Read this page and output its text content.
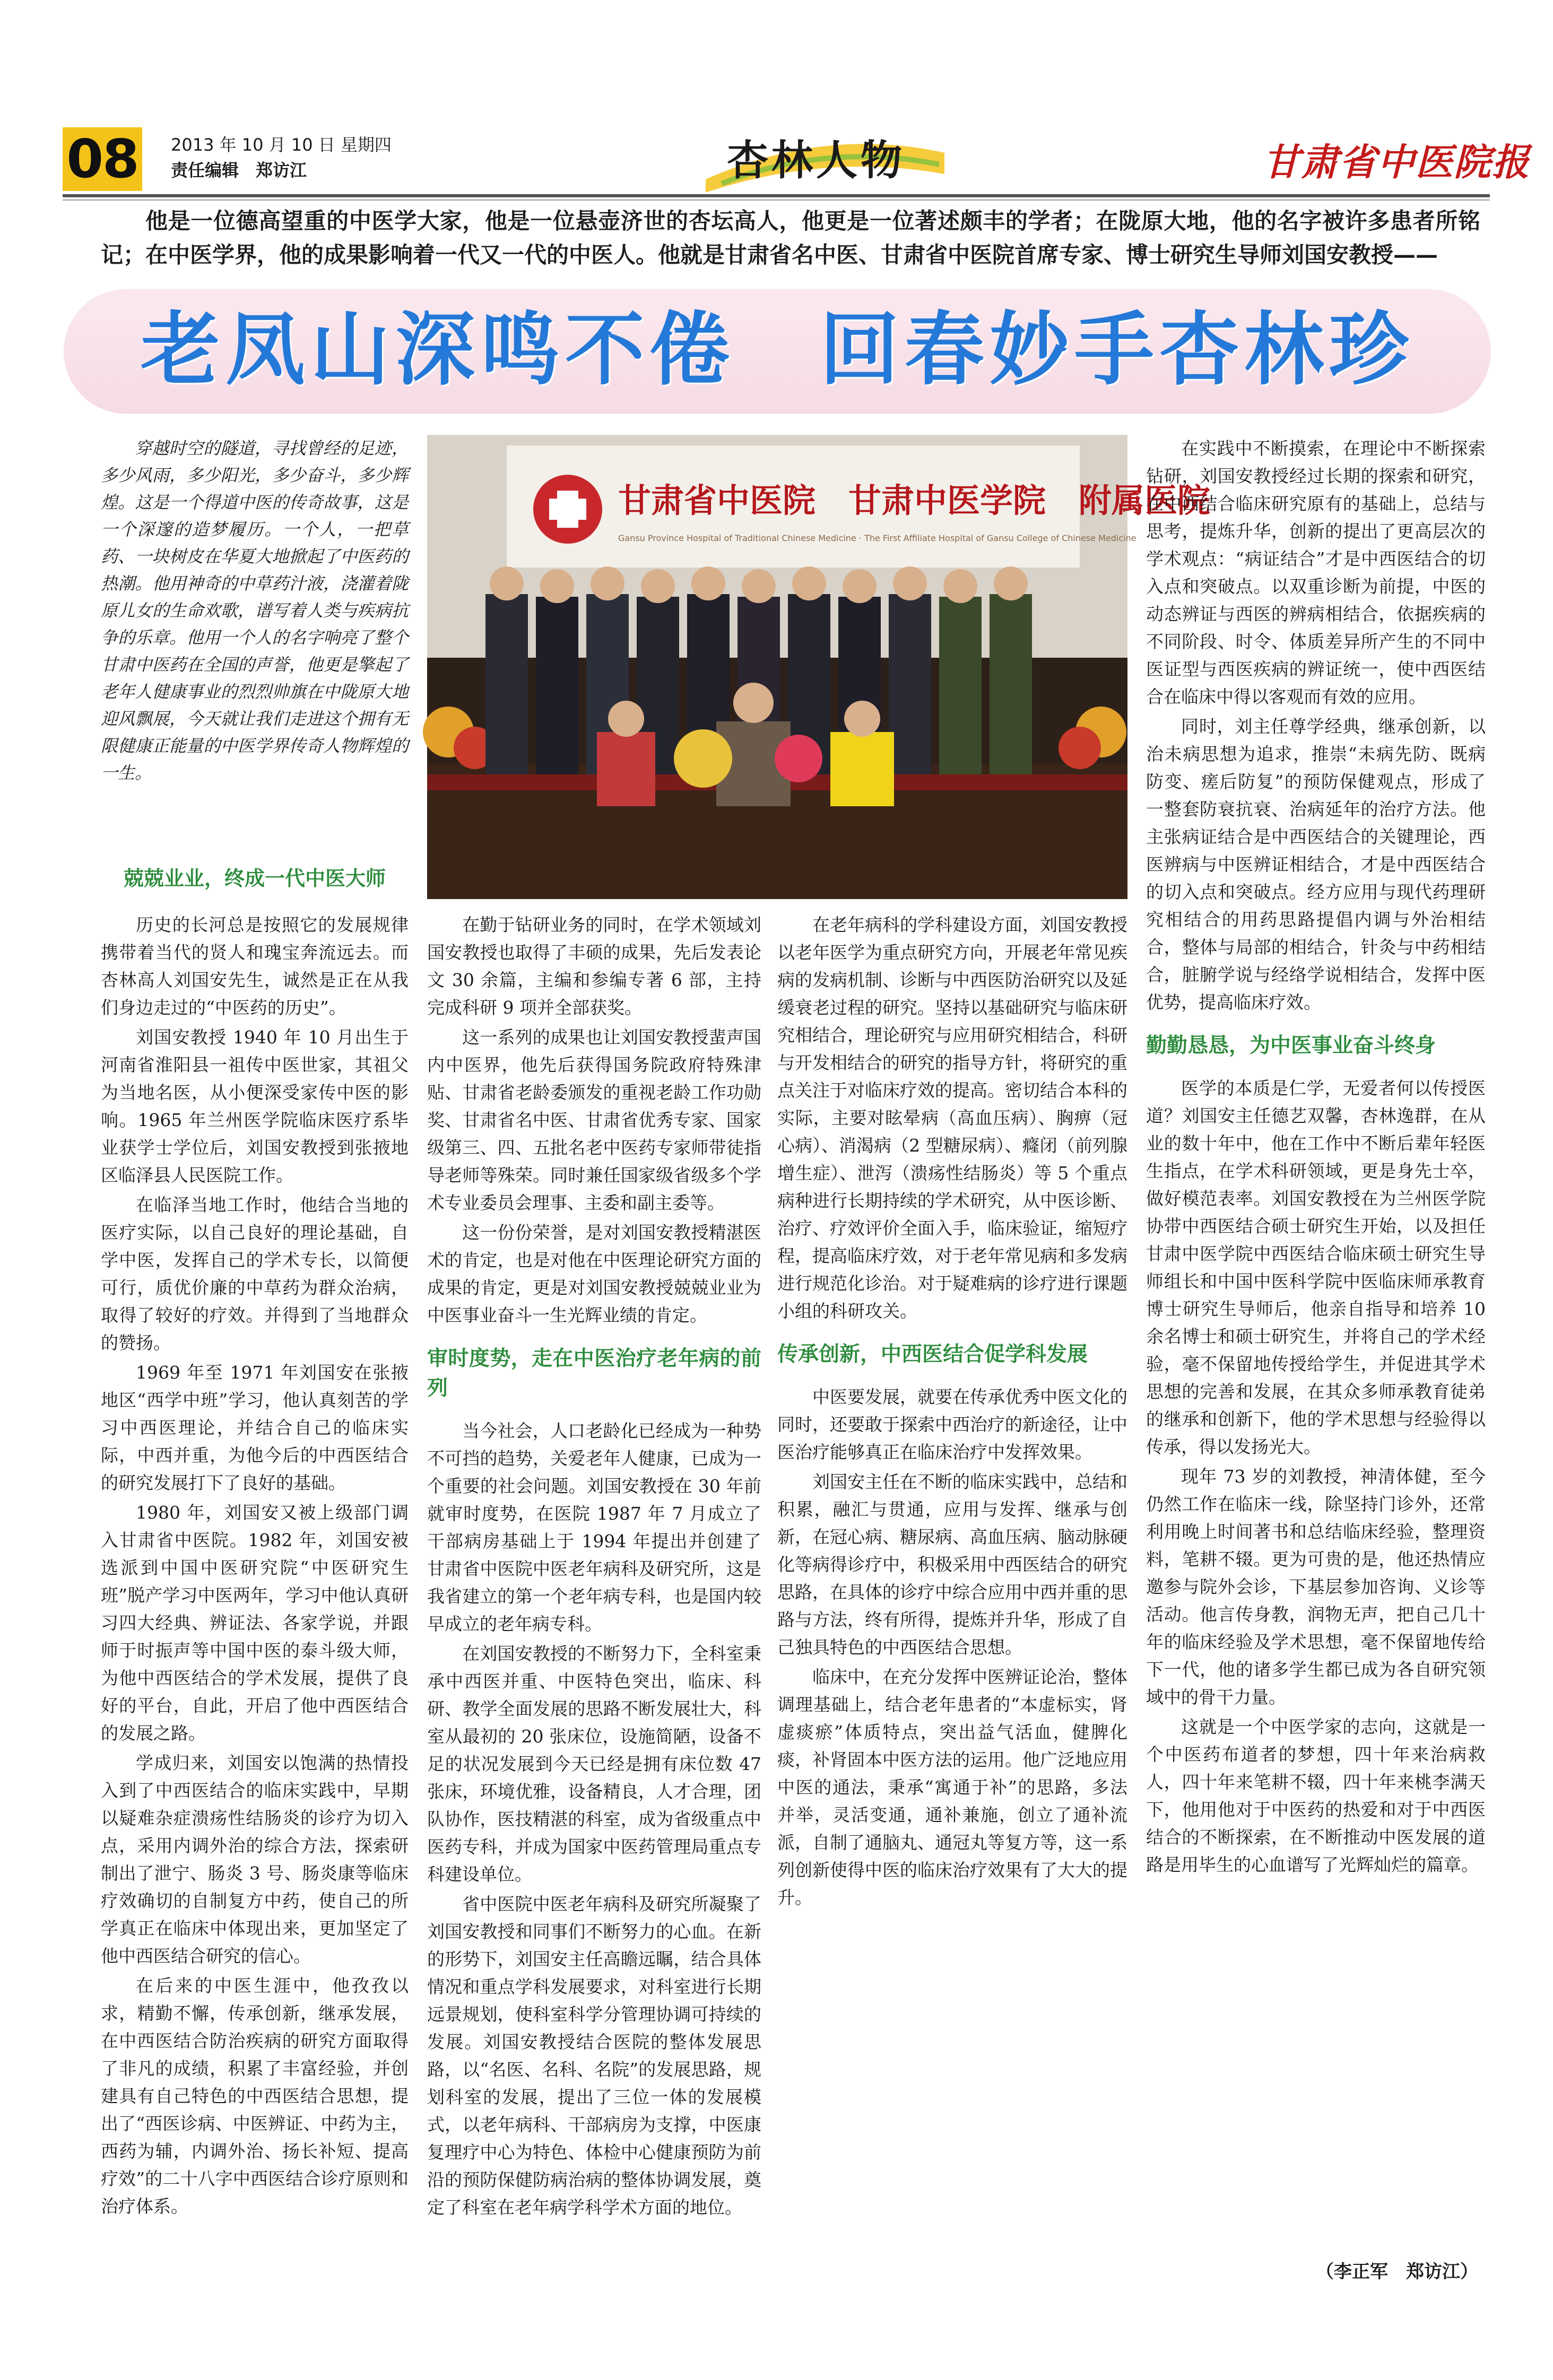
08 2013 年 10 月 10 日 星期四
责任编辑　郑访江	杏林人物	甘肃省中医院报
他是一位德高望重的中医学大家，他是一位悬壶济世的杏坛高人，他更是一位著述颇丰的学者；在陇原大地，他的名字被许多患者所铭记；在中医学界，他的成果影响着一代又一代的中医人。他就是甘肃省名中医、甘肃省中医院首席专家、博士研究生导师刘国安教授——
老凤山深鸣不倦　回春妙手杏林珍
穿越时空的隧道，寻找曾经的足迹，多少风雨，多少阳光，多少奋斗，多少辉煌。这是一个得道中医的传奇故事，这是一个深邃的造梦履历。一个人，一把草药、一块树皮在华夏大地掀起了中医药的热潮。他用神奇的中草药汁液，浇灌着陇原儿女的生命欢歌，谱写着人类与疾病抗争的乐章。他用一个人的名字响亮了整个甘肃中医药在全国的声誉，他更是擎起了老年人健康事业的烈烈帅旗在中陇原大地迎风飘展，今天就让我们走进这个拥有无限健康正能量的中医学界传奇人物辉煌的一生。
兢兢业业，终成一代中医大师
甘肃省中医院　甘肃中医学院　附属医院
Gansu Province Hospital of Traditional Chinese Medicine · The First Affiliate Hospital of Gansu College of Chinese Medicine

历史的长河总是按照它的发展规律携带着当代的贤人和瑰宝奔流远去。而杏林高人刘国安先生，诚然是正在从我们身边走过的“中医药的历史”。

刘国安教授 1940 年 10 月出生于河南省淮阳县一祖传中医世家，其祖父为当地名医，从小便深受家传中医的影响。1965 年兰州医学院临床医疗系毕业获学士学位后，刘国安教授到张掖地区临泽县人民医院工作。

在临泽当地工作时，他结合当地的医疗实际，以自己良好的理论基础，自学中医，发挥自己的学术专长，以简便可行，质优价廉的中草药为群众治病，取得了较好的疗效。并得到了当地群众的赞扬。

1969 年至 1971 年刘国安在张掖地区“西学中班”学习，他认真刻苦的学习中西医理论，并结合自己的临床实际，中西并重，为他今后的中西医结合的研究发展打下了良好的基础。

1980 年，刘国安又被上级部门调入甘肃省中医院。1982 年，刘国安被选派到中国中医研究院“中医研究生班”脱产学习中医两年，学习中他认真研习四大经典、辨证法、各家学说，并跟师于时振声等中国中医的泰斗级大师，为他中西医结合的学术发展，提供了良好的平台，自此，开启了他中西医结合的发展之路。

学成归来，刘国安以饱满的热情投入到了中西医结合的临床实践中，早期以疑难杂症溃疡性结肠炎的诊疗为切入点，采用内调外治的综合方法，探索研制出了泄宁、肠炎 3 号、肠炎康等临床疗效确切的自制复方中药，使自己的所学真正在临床中体现出来，更加坚定了他中西医结合研究的信心。

在后来的中医生涯中，他孜孜以求，精勤不懈，传承创新，继承发展，在中西医结合防治疾病的研究方面取得了非凡的成绩，积累了丰富经验，并创建具有自己特色的中西医结合思想，提出了“西医诊病、中医辨证、中药为主，西药为辅，内调外治、扬长补短、提高疗效”的二十八字中西医结合诊疗原则和治疗体系。

在勤于钻研业务的同时，在学术领域刘国安教授也取得了丰硕的成果，先后发表论文 30 余篇，主编和参编专著 6 部，主持完成科研 9 项并全部获奖。

这一系列的成果也让刘国安教授蜚声国内中医界，他先后获得国务院政府特殊津贴、甘肃省老龄委颁发的重视老龄工作功勋奖、甘肃省名中医、甘肃省优秀专家、国家级第三、四、五批名老中医药专家师带徒指导老师等殊荣。同时兼任国家级省级多个学术专业委员会理事、主委和副主委等。

这一份份荣誉，是对刘国安教授精湛医术的肯定，也是对他在中医理论研究方面的成果的肯定，更是对刘国安教授兢兢业业为中医事业奋斗一生光辉业绩的肯定。

审时度势，走在中医治疗老年病的前列

当今社会，人口老龄化已经成为一种势不可挡的趋势，关爱老年人健康，已成为一个重要的社会问题。刘国安教授在 30 年前就审时度势，在医院 1987 年 7 月成立了干部病房基础上于 1994 年提出并创建了甘肃省中医院中医老年病科及研究所，这是我省建立的第一个老年病专科，也是国内较早成立的老年病专科。

在刘国安教授的不断努力下，全科室秉承中西医并重、中医特色突出，临床、科研、教学全面发展的思路不断发展壮大，科室从最初的 20 张床位，设施简陋，设备不足的状况发展到今天已经是拥有床位数 47 张床，环境优雅，设备精良，人才合理，团队协作，医技精湛的科室，成为省级重点中医药专科，并成为国家中医药管理局重点专科建设单位。

省中医院中医老年病科及研究所凝聚了刘国安教授和同事们不断努力的心血。在新的形势下，刘国安主任高瞻远瞩，结合具体情况和重点学科发展要求，对科室进行长期远景规划，使科室科学分管理协调可持续的发展。刘国安教授结合医院的整体发展思路，以“名医、名科、名院”的发展思路，规划科室的发展，提出了三位一体的发展模式，以老年病科、干部病房为支撑，中医康复理疗中心为特色、体检中心健康预防为前沿的预防保健防病治病的整体协调发展，奠定了科室在老年病学科学术方面的地位。

在老年病科的学科建设方面，刘国安教授以老年医学为重点研究方向，开展老年常见疾病的发病机制、诊断与中西医防治研究以及延缓衰老过程的研究。坚持以基础研究与临床研究相结合，理论研究与应用研究相结合，科研与开发相结合的研究的指导方针，将研究的重点关注于对临床疗效的提高。密切结合本科的实际，主要对眩晕病（高血压病）、胸痹（冠心病）、消渴病（2 型糖尿病）、癃闭（前列腺增生症）、泄泻（溃疡性结肠炎）等 5 个重点病种进行长期持续的学术研究，从中医诊断、治疗、疗效评价全面入手，临床验证，缩短疗程，提高临床疗效，对于老年常见病和多发病进行规范化诊治。对于疑难病的诊疗进行课题小组的科研攻关。

传承创新，中西医结合促学科发展

中医要发展，就要在传承优秀中医文化的同时，还要敢于探索中西治疗的新途径，让中医治疗能够真正在临床治疗中发挥效果。

刘国安主任在不断的临床实践中，总结和积累，融汇与贯通，应用与发挥、继承与创新，在冠心病、糖尿病、高血压病、脑动脉硬化等病得诊疗中，积极采用中西医结合的研究思路，在具体的诊疗中综合应用中西并重的思路与方法，终有所得，提炼并升华，形成了自己独具特色的中西医结合思想。

临床中，在充分发挥中医辨证论治，整体调理基础上，结合老年患者的“本虚标实，肾虚痰瘀”体质特点，突出益气活血，健脾化痰，补肾固本中医方法的运用。他广泛地应用中医的通法，秉承“寓通于补”的思路，多法并举，灵活变通，通补兼施，创立了通补流派，自制了通脑丸、通冠丸等复方等，这一系列创新使得中医的临床治疗效果有了大大的提升。

在实践中不断摸索，在理论中不断探索钻研，刘国安教授经过长期的探索和研究，在中西结合临床研究原有的基础上，总结与思考，提炼升华，创新的提出了更高层次的学术观点：“病证结合”才是中西医结合的切入点和突破点。以双重诊断为前提，中医的动态辨证与西医的辨病相结合，依据疾病的不同阶段、时令、体质差异所产生的不同中医证型与西医疾病的辨证统一，使中西医结合在临床中得以客观而有效的应用。

同时，刘主任尊学经典，继承创新，以治未病思想为追求，推崇“未病先防、既病防变、瘥后防复”的预防保健观点，形成了一整套防衰抗衰、治病延年的治疗方法。他主张病证结合是中西医结合的关键理论，西医辨病与中医辨证相结合，才是中西医结合的切入点和突破点。经方应用与现代药理研究相结合的用药思路提倡内调与外治相结合，整体与局部的相结合，针灸与中药相结合，脏腑学说与经络学说相结合，发挥中医优势，提高临床疗效。

勤勤恳恳，为中医事业奋斗终身

医学的本质是仁学，无爱者何以传授医道？刘国安主任德艺双馨，杏林逸群，在从业的数十年中，他在工作中不断后辈年轻医生指点，在学术科研领域，更是身先士卒，做好模范表率。刘国安教授在为兰州医学院协带中西医结合硕士研究生开始，以及担任甘肃中医学院中西医结合临床硕士研究生导师组长和中国中医科学院中医临床师承教育博士研究生导师后，他亲自指导和培养 10 余名博士和硕士研究生，并将自己的学术经验，毫不保留地传授给学生，并促进其学术思想的完善和发展，在其众多师承教育徒弟的继承和创新下，他的学术思想与经验得以传承，得以发扬光大。

现年 73 岁的刘教授，神清体健，至今仍然工作在临床一线，除坚持门诊外，还常利用晚上时间著书和总结临床经验，整理资料，笔耕不辍。更为可贵的是，他还热情应邀参与院外会诊，下基层参加咨询、义诊等活动。他言传身教，润物无声，把自己几十年的临床经验及学术思想，毫不保留地传给下一代，他的诸多学生都已成为各自研究领域中的骨干力量。

这就是一个中医学家的志向，这就是一个中医药布道者的梦想，四十年来治病救人，四十年来笔耕不辍，四十年来桃李满天下，他用他对于中医药的热爱和对于中西医结合的不断探索，在不断推动中医发展的道路是用毕生的心血谱写了光辉灿烂的篇章。

（李正军　郑访江）
